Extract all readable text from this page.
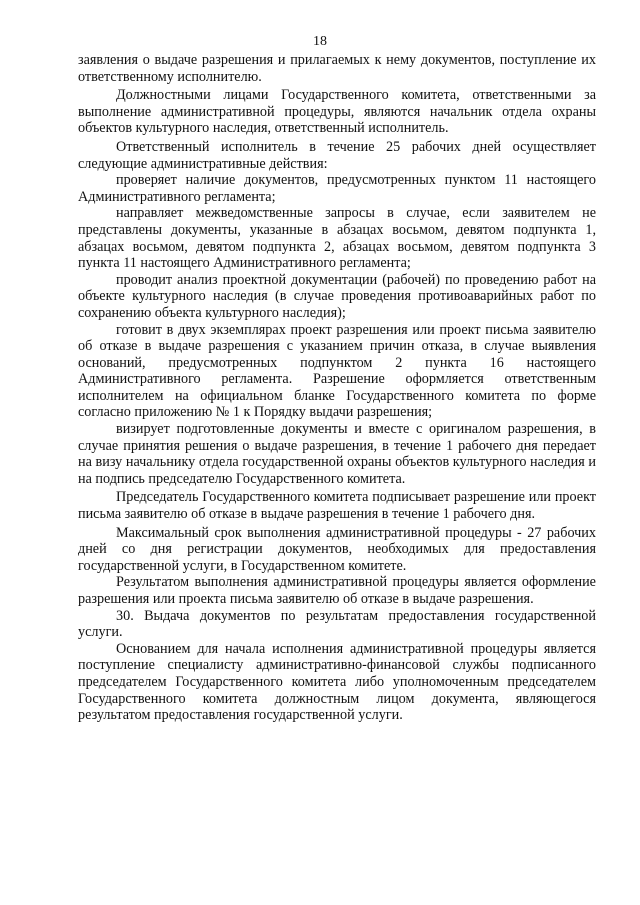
18

заявления о выдаче разрешения и прилагаемых к нему документов, поступление их ответственному исполнителю.

Должностными лицами Государственного комитета, ответственными за выполнение административной процедуры, являются начальник отдела охраны объектов культурного наследия, ответственный исполнитель.

Ответственный исполнитель в течение 25 рабочих дней осуществляет следующие административные действия:

проверяет наличие документов, предусмотренных пунктом 11 настоящего Административного регламента;

направляет межведомственные запросы в случае, если заявителем не представлены документы, указанные в абзацах восьмом, девятом подпункта 1, абзацах восьмом, девятом подпункта 2, абзацах восьмом, девятом подпункта 3 пункта 11 настоящего Административного регламента;

проводит анализ проектной документации (рабочей) по проведению работ на объекте культурного наследия (в случае проведения противоаварийных работ по сохранению объекта культурного наследия);

готовит в двух экземплярах проект разрешения или проект письма заявителю об отказе в выдаче разрешения с указанием причин отказа, в случае выявления оснований, предусмотренных подпунктом 2 пункта 16 настоящего Административного регламента. Разрешение оформляется ответственным исполнителем на официальном бланке Государственного комитета по форме согласно приложению № 1 к Порядку выдачи разрешения;

визирует подготовленные документы и вместе с оригиналом разрешения, в случае принятия решения о выдаче разрешения, в течение 1 рабочего дня передает на визу начальнику отдела государственной охраны объектов культурного наследия и на подпись председателю Государственного комитета.

Председатель Государственного комитета подписывает разрешение или проект письма заявителю об отказе в выдаче разрешения в течение 1 рабочего дня.

Максимальный срок выполнения административной процедуры - 27 рабочих дней со дня регистрации документов, необходимых для предоставления государственной услуги, в Государственном комитете.

Результатом выполнения административной процедуры является оформление разрешения или проекта письма заявителю об отказе в выдаче разрешения.

30. Выдача документов по результатам предоставления государственной услуги.

Основанием для начала исполнения административной процедуры является поступление специалисту административно-финансовой службы подписанного председателем Государственного комитета либо уполномоченным председателем Государственного комитета должностным лицом документа, являющегося результатом предоставления государственной услуги.
